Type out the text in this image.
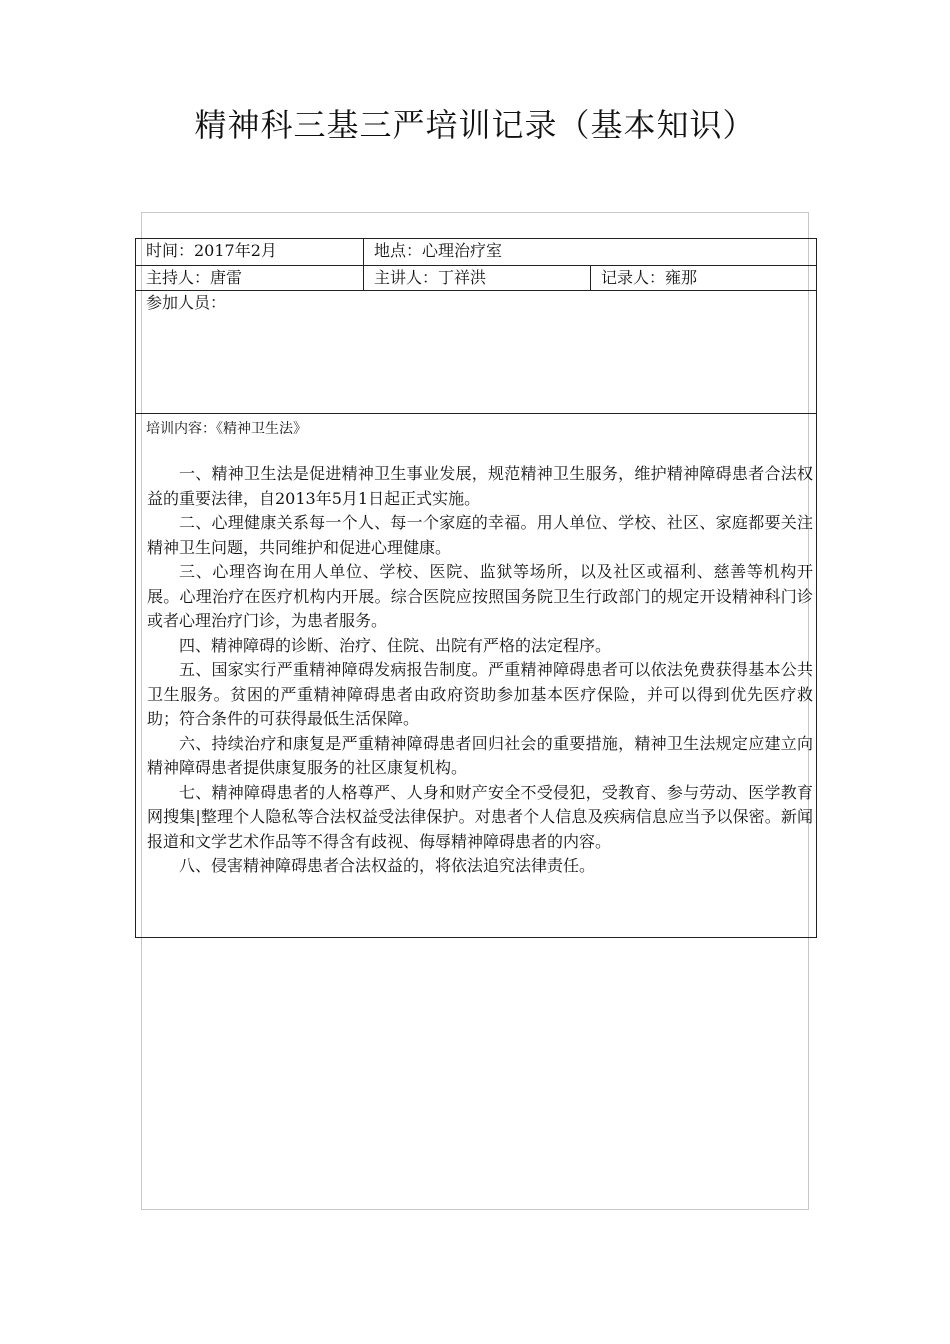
精神科三基三严培训记录（基本知识）
时间：2017年2月	地点：心理治疗室
主持人：唐雷	主讲人：丁祥洪	记录人：雍那
参加人员：
培训内容：《精神卫生法》

一、精神卫生法是促进精神卫生事业发展，规范精神卫生服务，维护精神障碍患者合法权益的重要法律，自2013年5月1日起正式实施。

二、心理健康关系每一个人、每一个家庭的幸福。用人单位、学校、社区、家庭都要关注精神卫生问题，共同维护和促进心理健康。

三、心理咨询在用人单位、学校、医院、监狱等场所，以及社区或福利、慈善等机构开展。心理治疗在医疗机构内开展。综合医院应按照国务院卫生行政部门的规定开设精神科门诊或者心理治疗门诊，为患者服务。

四、精神障碍的诊断、治疗、住院、出院有严格的法定程序。

五、国家实行严重精神障碍发病报告制度。严重精神障碍患者可以依法免费获得基本公共卫生服务。贫困的严重精神障碍患者由政府资助参加基本医疗保险，并可以得到优先医疗救助；符合条件的可获得最低生活保障。

六、持续治疗和康复是严重精神障碍患者回归社会的重要措施，精神卫生法规定应建立向精神障碍患者提供康复服务的社区康复机构。

七、精神障碍患者的人格尊严、人身和财产安全不受侵犯，受教育、参与劳动、医学教育网搜集|整理个人隐私等合法权益受法律保护。对患者个人信息及疾病信息应当予以保密。新闻报道和文学艺术作品等不得含有歧视、侮辱精神障碍患者的内容。

八、侵害精神障碍患者合法权益的，将依法追究法律责任。
